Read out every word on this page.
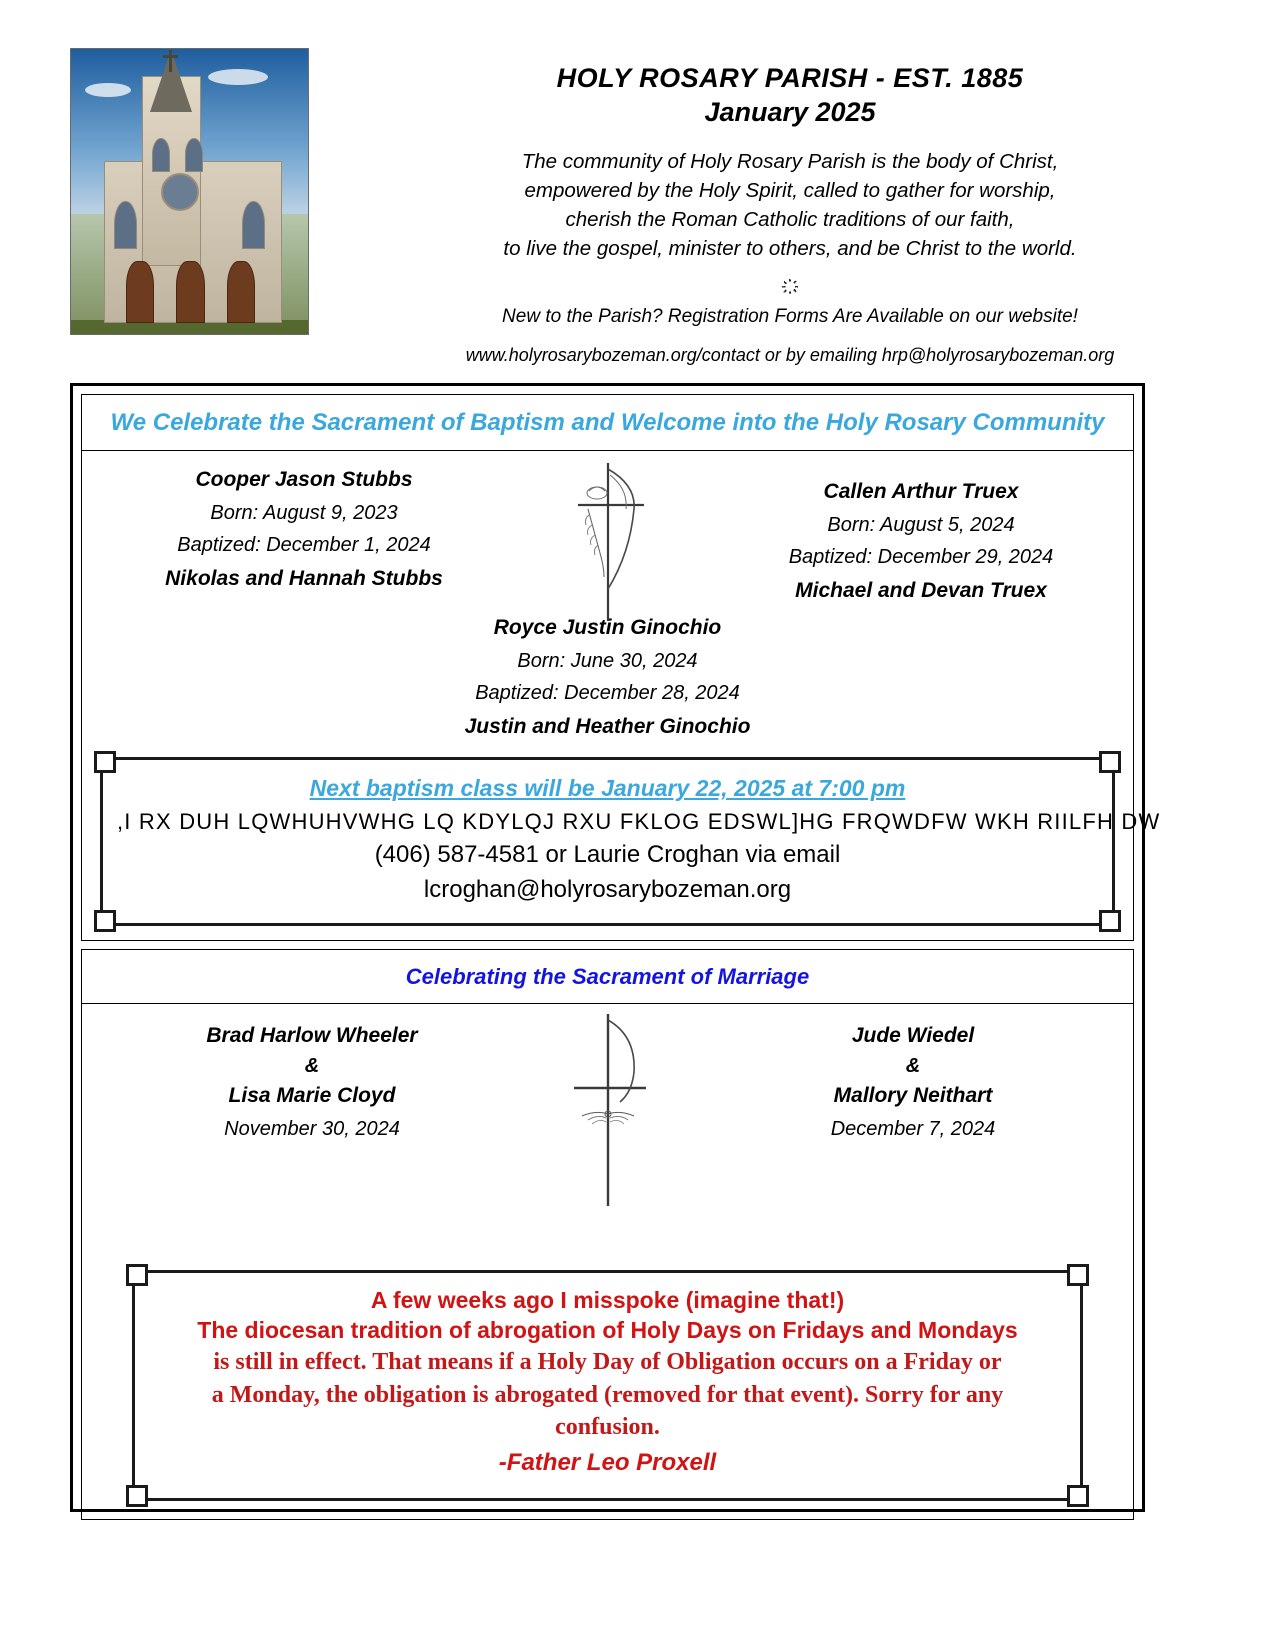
HOLY ROSARY PARISH - EST. 1885
January 2025
The community of Holy Rosary Parish is the body of Christ,
empowered by the Holy Spirit, called to gather for worship,
cherish the Roman Catholic traditions of our faith,
to live the gospel, minister to others, and be Christ to the world.
New to the Parish? Registration Forms Are Available on our website!
www.holyrosarybozeman.org/contact or by emailing hrp@holyrosarybozeman.org
We Celebrate the Sacrament of Baptism and Welcome into the Holy Rosary Community
Cooper Jason Stubbs
Born: August 9, 2023
Baptized: December 1, 2024
Nikolas and Hannah Stubbs
Callen Arthur Truex
Born: August 5, 2024
Baptized: December 29, 2024
Michael and Devan Truex
Royce Justin Ginochio
Born: June 30, 2024
Baptized: December 28, 2024
Justin and Heather Ginochio
Next baptism class will be January 22, 2025 at 7:00 pm
,I RX DUH LQWHUHVWHG LQ KDYLQJ RXU FKLOG EDSWL]HG FRQWDFW WKH RIILFH DW
(406) 587-4581 or Laurie Croghan via email
lcroghan@holyrosarybozeman.org
Celebrating the Sacrament of Marriage
Brad Harlow Wheeler
&
Lisa Marie Cloyd
November 30, 2024
Jude Wiedel
&
Mallory Neithart
December 7, 2024
A few weeks ago I misspoke (imagine that!)
The diocesan tradition of abrogation of Holy Days on Fridays and Mondays
is still in effect. That means if a Holy Day of Obligation occurs on a Friday or
a Monday, the obligation is abrogated (removed for that event). Sorry for any
confusion.
-Father Leo Proxell
